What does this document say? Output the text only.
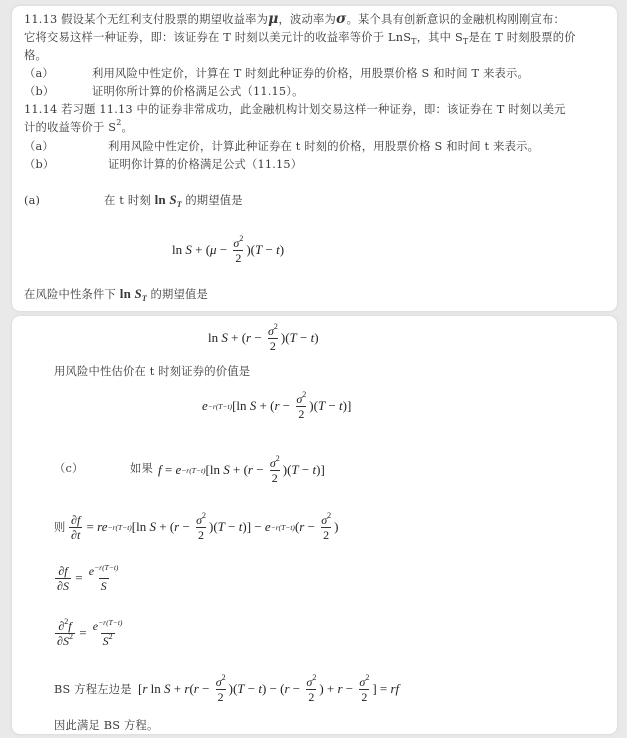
11.13 假设某个无红利支付股票的期望收益率为μ，波动率为σ。某个具有创新意识的金融机构刚刚宣布：
它将交易这样一种证券，即：该证券在 T 时刻以美元计的收益率等价于 LnS$_T$，其中 $S_T$是在 T 时刻股票的价
格。
（a）	利用风险中性定价，计算在 T 时刻此种证券的价格，用股票价格 S 和时间 T 来表示。
（b）	证明你所计算的价格满足公式（11.15）。
11.14 若习题 11.13 中的证券非常成功，此金融机构计划交易这样一种证券，即：该证券在 T 时刻以美元
计的收益等价于 $S^2$。
（a）	利用风险中性定价，计算此种证券在 t 时刻的价格，用股票价格 S 和时间 t 来表示。
（b）	证明你计算的价格满足公式（11.15）
(a)	在 t 时刻 $\ln S_T$ 的期望值是
ln S + ( $\mu - \frac{\sigma^2}{2}$ )( T − t )
在风险中性条件下 $\ln S_T$ 的期望值是
ln S + ( $r - \frac{\sigma^2}{2}$ )( T − t )
用风险中性估价在 t 时刻证券的价值是
e −r(T−t) [ln S + ( $r - \frac{\sigma^2}{2}$ )( T − t )]
（c）	如果 f = e −r(T−t) [ln S + ( $r - \frac{\sigma^2}{2}$ )( T − t )]
则 $\frac{\partial f}{\partial t}$ = re −r(T−t) [ln S + ( $r - \frac{\sigma^2}{2}$ )( T − t )] − e −r(T−t) ( $r - \frac{\sigma^2}{2}$ )
$\frac{\partial f}{\partial S} = \frac{e^{-r(T-t)}}{S}$
$\frac{\partial^2f}{\partial S^2} = \frac{e^{-r(T-t)}}{S^2}$
BS 方程左边是 [ r ln S + r ( $r - \frac{\sigma^2}{2}$ )( T − t ) − ( $r - \frac{\sigma^2}{2}$ ) + $r - \frac{\sigma^2}{2}$ ] = rf
因此满足 BS 方程。
